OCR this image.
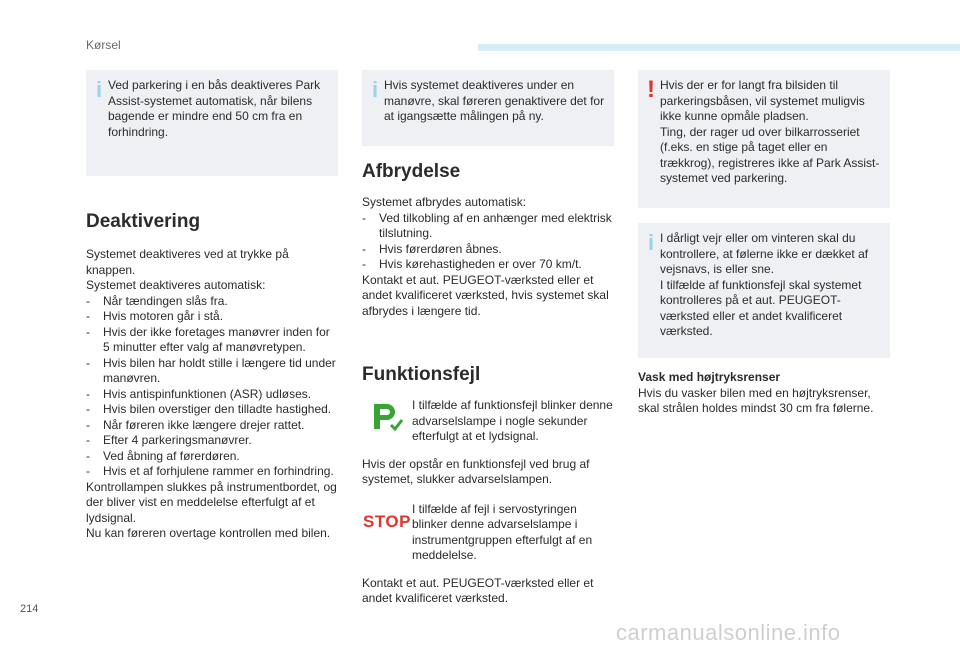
Kørsel
i Ved parkering i en bås deaktiveres Park Assist-systemet automatisk, når bilens bagende er mindre end 50 cm fra en forhindring.

Deaktivering

Systemet deaktiveres ved at trykke på knappen.

Systemet deaktiveres automatisk:

-	Når tændingen slås fra.
-	Hvis motoren går i stå.
-	Hvis der ikke foretages manøvrer inden for 5 minutter efter valg af manøvretypen.
-	Hvis bilen har holdt stille i længere tid under manøvren.
-	Hvis antispinfunktionen (ASR) udløses.
-	Hvis bilen overstiger den tilladte hastighed.
-	Når føreren ikke længere drejer rattet.
-	Efter 4 parkeringsmanøvrer.
-	Ved åbning af førerdøren.
-	Hvis et af forhjulene rammer en forhindring.

Kontrollampen slukkes på instrumentbordet, og der bliver vist en meddelelse efterfulgt af et lydsignal.

Nu kan føreren overtage kontrollen med bilen.

i Hvis systemet deaktiveres under en manøvre, skal føreren genaktivere det for at igangsætte målingen på ny.

Afbrydelse

Systemet afbrydes automatisk:

-	Ved tilkobling af en anhænger med elektrisk tilslutning.
-	Hvis førerdøren åbnes.
-	Hvis kørehastigheden er over 70 km/t.

Kontakt et aut. PEUGEOT-værksted eller et andet kvalificeret værksted, hvis systemet skal afbrydes i længere tid.

Funktionsfejl
I tilfælde af funktionsfejl blinker denne advarselslampe i nogle sekunder efterfulgt at et lydsignal.
Hvis der opstår en funktionsfejl ved brug af systemet, slukker advarselslampen.
STOP
I tilfælde af fejl i servostyringen blinker denne advarselslampe i instrumentgruppen efterfulgt af en meddelelse.
Kontakt et aut. PEUGEOT-værksted eller et andet kvalificeret værksted.
! Hvis der er for langt fra bilsiden til parkeringsbåsen, vil systemet muligvis ikke kunne opmåle pladsen.
Ting, der rager ud over bilkarrosseriet (f.eks. en stige på taget eller en trækkrog), registreres ikke af Park Assist-systemet ved parkering.

i I dårligt vejr eller om vinteren skal du kontrollere, at følerne ikke er dækket af vejsnavs, is eller sne.
I tilfælde af funktionsfejl skal systemet kontrolleres på et aut. PEUGEOT-værksted eller et andet kvalificeret værksted.

Vask med højtryksrenser

Hvis du vasker bilen med en højtryksrenser, skal strålen holdes mindst 30 cm fra følerne.

214
carmanualsonline.info
